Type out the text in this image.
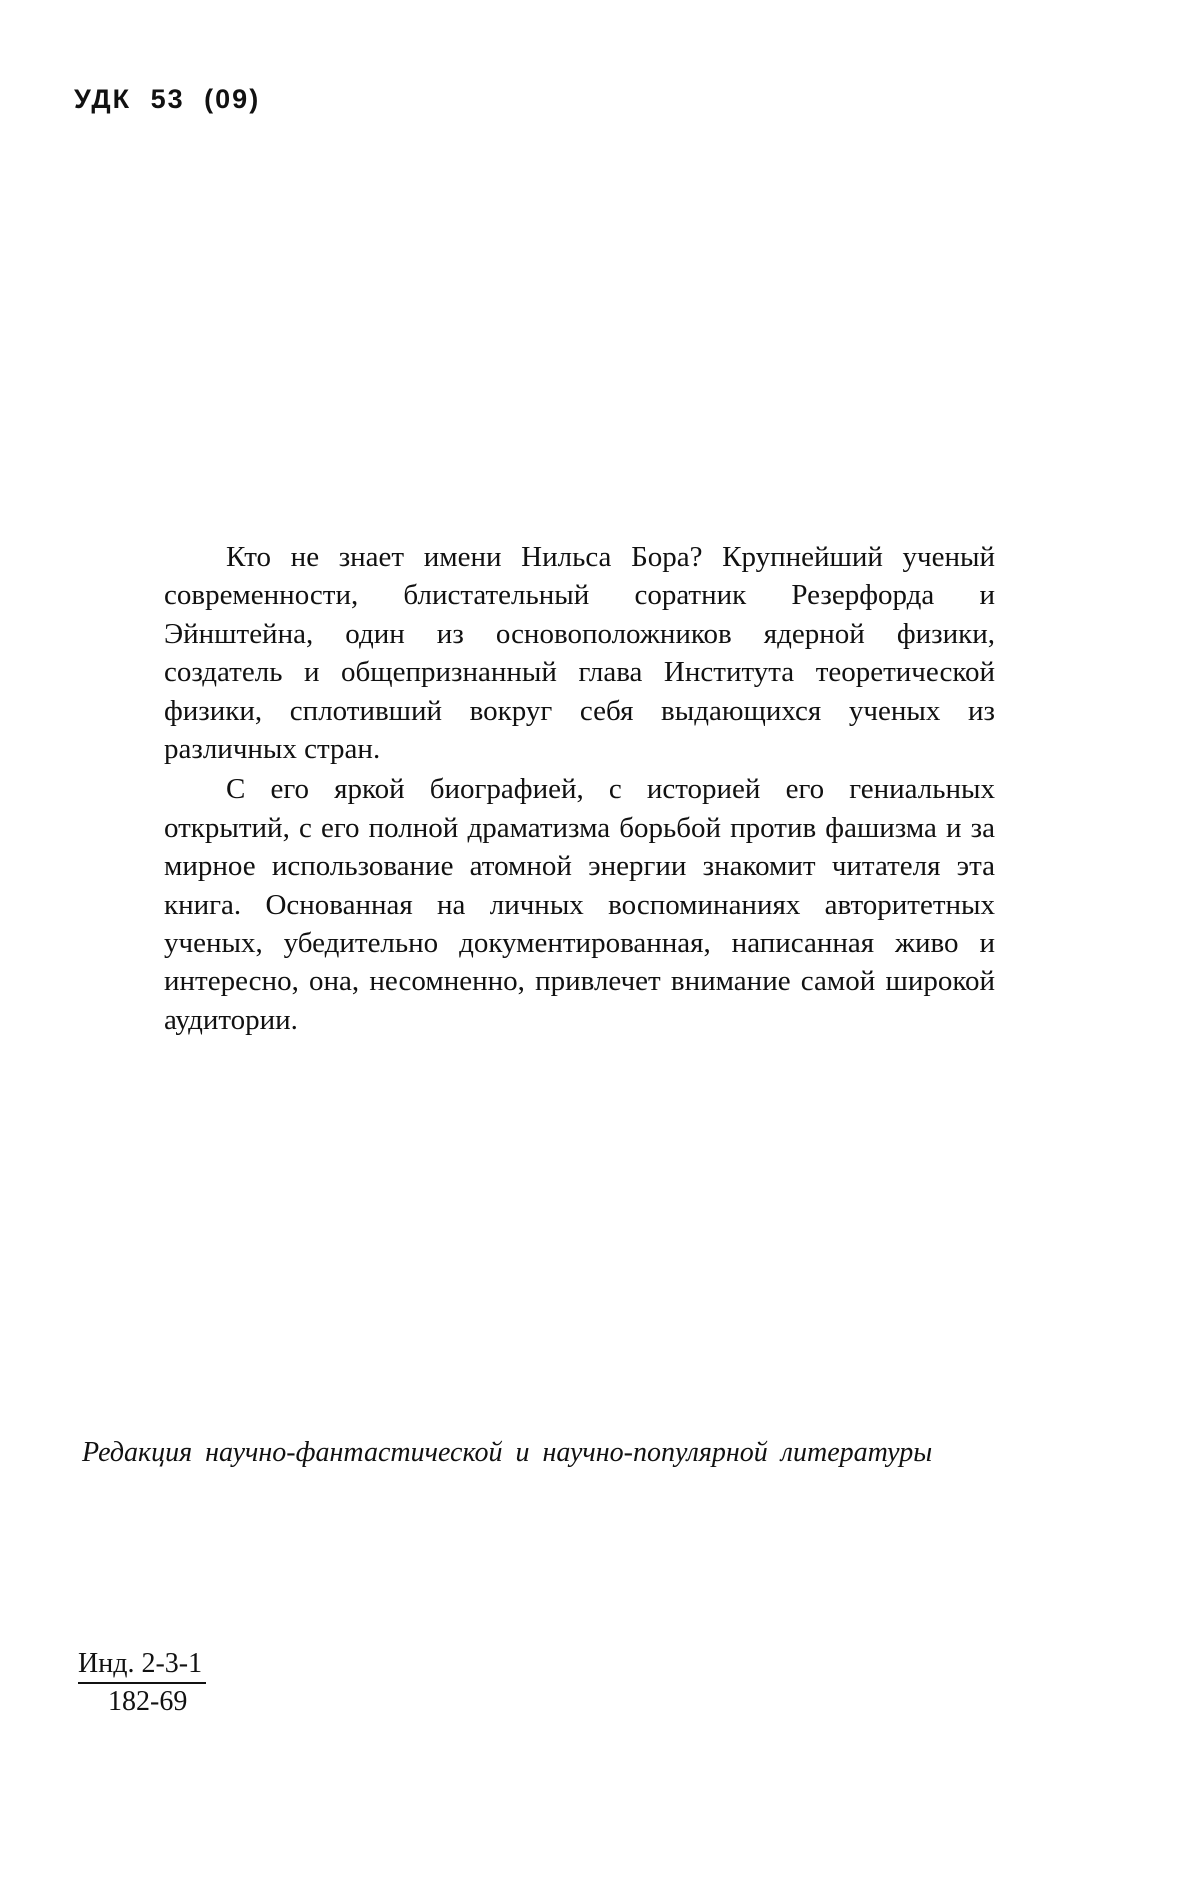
УДК 53 (09)

Кто не знает имени Нильса Бора? Крупнейший ученый современности, блистательный соратник Резерфорда и Эйнштейна, один из основоположников ядерной физики, создатель и общепризнанный глава Института теоретической физики, сплотивший вокруг себя выдающихся ученых из различных стран.

С его яркой биографией, с историей его гениальных открытий, с его полной драматизма борьбой против фашизма и за мирное использование атомной энергии знакомит читателя эта книга. Основанная на личных воспоминаниях авторитетных ученых, убедительно документированная, написанная живо и интересно, она, несомненно, привлечет внимание самой широкой аудитории.

Редакция научно-фантастической и научно-популярной литературы
Инд. 2-3-1
182-69
